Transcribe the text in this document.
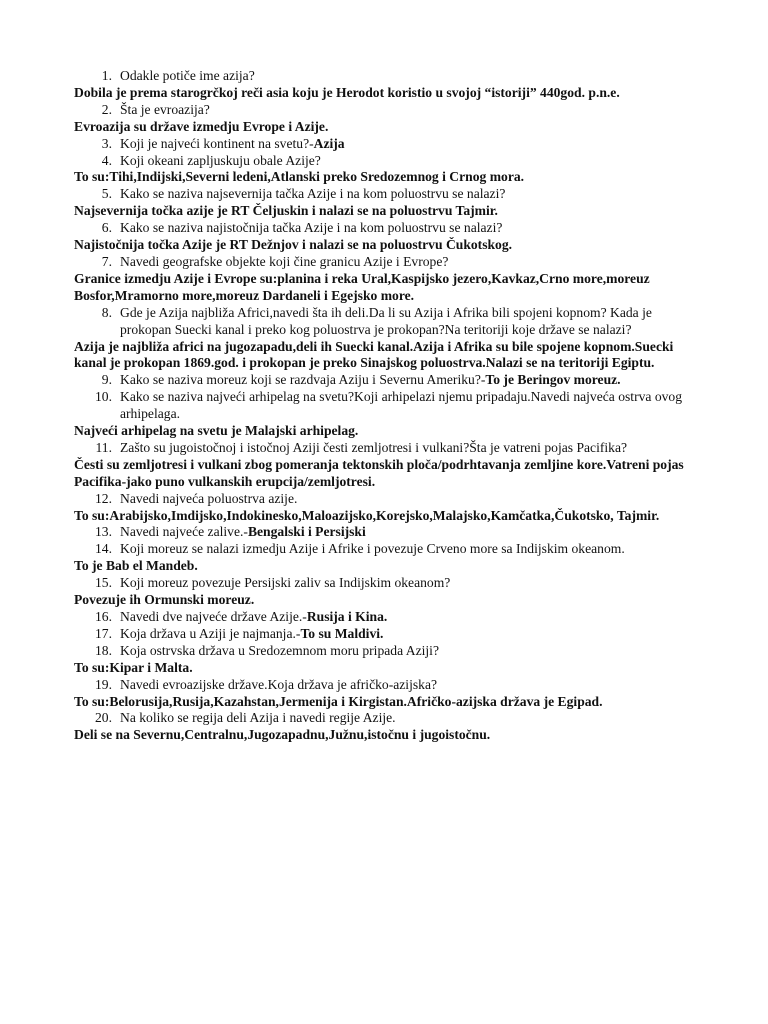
1. Odakle potiče ime azija?
Dobila je prema starogrčkoj reči asia koju je Herodot koristio u svojoj “istoriji” 440god. p.n.e.
2. Šta je evroazija?
Evroazija su države izmedju Evrope i Azije.
3. Koji je najveći kontinent na svetu?-Azija
4. Koji okeani zapljuskuju obale Azije?
To su:Tihi,Indijski,Severni ledeni,Atlanski preko Sredozemnog i Crnog mora.
5. Kako se naziva najsevernija tačka Azije i na kom poluostrvu se nalazi?
Najsevernija točka azije je RT Čeljuskin i nalazi se na poluostrvu Tajmir.
6. Kako se naziva najistočnija tačka Azije i na kom poluostrvu se nalazi?
Najistočnija točka Azije je RT Dežnjov i nalazi se na poluostrvu Čukotskog.
7. Navedi geografske objekte koji čine granicu Azije i Evrope?
Granice izmedju Azije i Evrope su:planina i reka Ural,Kaspijsko jezero,Kavkaz,Crno more,moreuz Bosfor,Mramorno more,moreuz Dardaneli i Egejsko more.
8. Gde je Azija najbliža Africi,navedi šta ih deli.Da li su Azija i Afrika bili spojeni kopnom? Kada je prokopan Suecki kanal i preko kog poluostrva je prokopan?Na teritoriji koje države se nalazi?
Azija je najbliža africi na jugozapadu,deli ih Suecki kanal.Azija i Afrika su bile spojene kopnom.Suecki kanal je prokopan 1869.god. i prokopan je preko Sinajskog poluostrva.Nalazi se na teritoriji Egiptu.
9. Kako se naziva moreuz koji se razdvaja Aziju i Severnu Ameriku?-To je Beringov moreuz.
10. Kako se naziva najveći arhipelag na svetu?Koji arhipelazi njemu pripadaju.Navedi najveća ostrva ovog arhipelaga.
Najveći arhipelag na svetu je Malajski arhipelag.
11. Zašto su jugoistočnoj i istočnoj Aziji česti zemljotresi i vulkani?Šta je vatreni pojas Pacifika?
Česti su zemljotresi i vulkani zbog pomeranja tektonskih ploča/podrhtavanja zemljine kore.Vatreni pojas Pacifika-jako puno vulkanskih erupcija/zemljotresi.
12. Navedi najveća poluostrva azije.
To su:Arabijsko,Imdijsko,Indokinesko,Maloazijsko,Korejsko,Malajsko,Kamčatka,Čukotsko, Tajmir.
13. Navedi najveće zalive.-Bengalski i Persijski
14. Koji moreuz se nalazi izmedju Azije i Afrike i povezuje Crveno more sa Indijskim okeanom.
To je Bab el Mandeb.
15. Koji moreuz povezuje Persijski zaliv sa Indijskim okeanom?
Povezuje ih Ormunski moreuz.
16. Navedi dve najveće države Azije.-Rusija i Kina.
17. Koja država u Aziji je najmanja.-To su Maldivi.
18. Koja ostrvska država u Sredozemnom moru pripada Aziji?
To su:Kipar i Malta.
19. Navedi evroazijske države.Koja država je afričko-azijska?
To su:Belorusija,Rusija,Kazahstan,Jermenija i Kirgistan.Afričko-azijska država je Egipad.
20. Na koliko se regija deli Azija i navedi regije Azije.
Deli se na Severnu,Centralnu,Jugozapadnu,Južnu,istočnu i jugoistočnu.
